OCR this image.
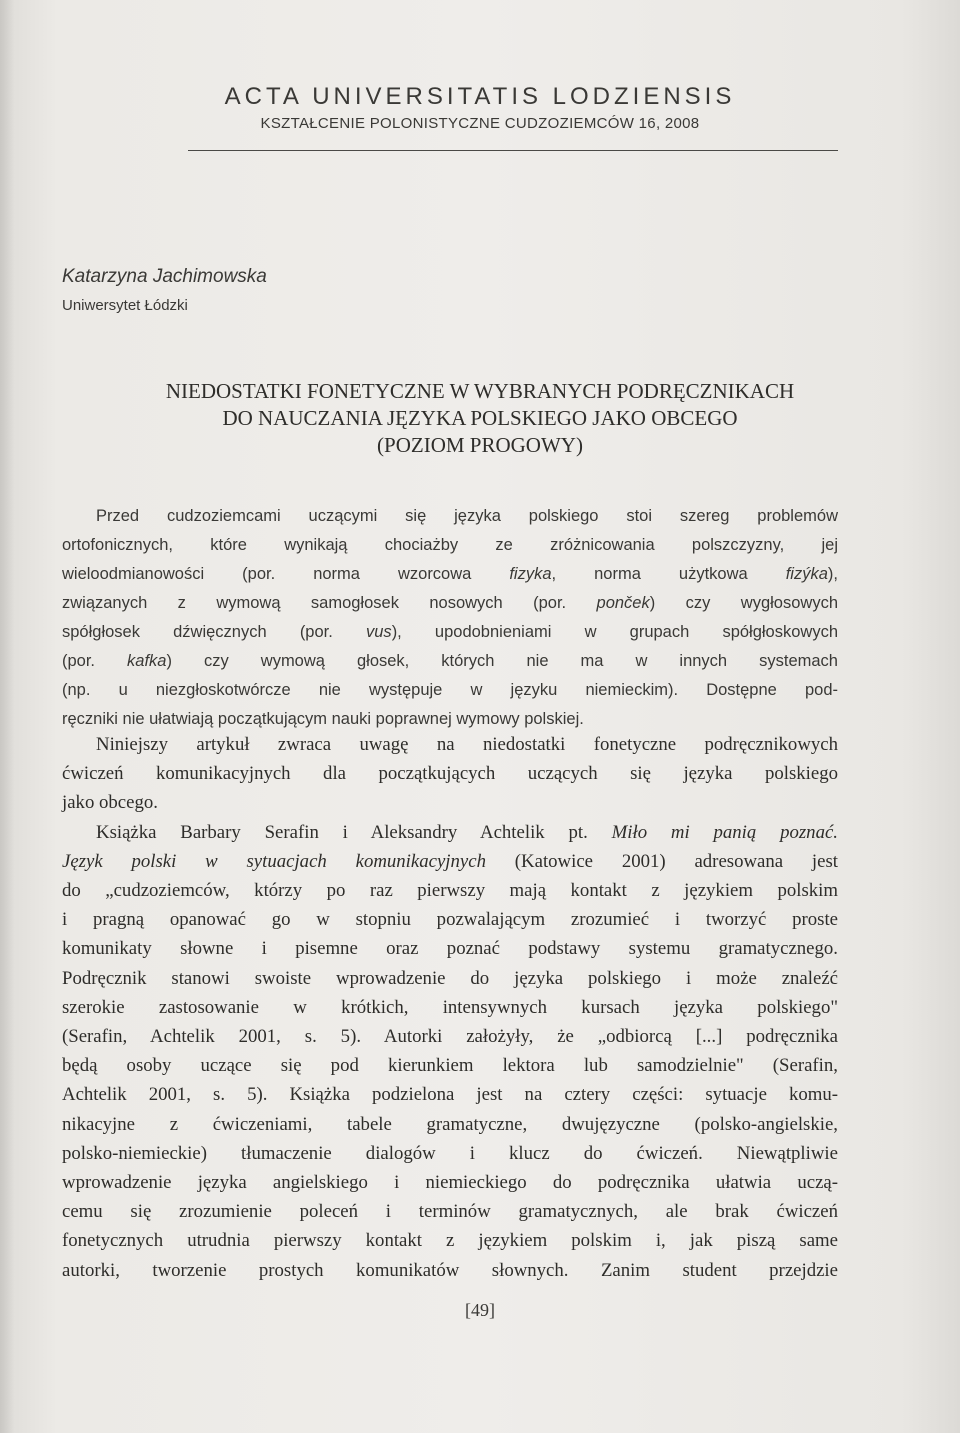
ACTA UNIVERSITATIS LODZIENSIS

KSZTAŁCENIE POLONISTYCZNE CUDZOZIEMCÓW 16, 2008

Katarzyna Jachimowska
Uniwersytet Łódzki
NIEDOSTATKI FONETYCZNE W WYBRANYCH PODRĘCZNIKACH
DO NAUCZANIA JĘZYKA POLSKIEGO JAKO OBCEGO
(POZIOM PROGOWY)
Przed cudzoziemcami uczącymi się języka polskiego stoi szereg problemów
ortofonicznych, które wynikają chociażby ze zróżnicowania polszczyzny, jej
wieloodmianowości (por. norma wzorcowa fizyka, norma użytkowa fizýka),
związanych z wymową samogłosek nosowych (por. ponček) czy wygłosowych
spółgłosek dźwięcznych (por. vus), upodobnieniami w grupach spółgłoskowych
(por. kafka) czy wymową głosek, których nie ma w innych systemach
(np. u niezgłoskotwórcze nie występuje w języku niemieckim). Dostępne pod-
ręczniki nie ułatwiają początkującym nauki poprawnej wymowy polskiej.
Niniejszy artykuł zwraca uwagę na niedostatki fonetyczne podręcznikowych
ćwiczeń komunikacyjnych dla początkujących uczących się języka polskiego
jako obcego.
Książka Barbary Serafin i Aleksandry Achtelik pt. Miło mi panią poznać.
Język polski w sytuacjach komunikacyjnych (Katowice 2001) adresowana jest
do „cudzoziemców, którzy po raz pierwszy mają kontakt z językiem polskim
i pragną opanować go w stopniu pozwalającym zrozumieć i tworzyć proste
komunikaty słowne i pisemne oraz poznać podstawy systemu gramatycznego.
Podręcznik stanowi swoiste wprowadzenie do języka polskiego i może znaleźć
szerokie zastosowanie w krótkich, intensywnych kursach języka polskiego"
(Serafin, Achtelik 2001, s. 5). Autorki założyły, że „odbiorcą [...] podręcznika
będą osoby uczące się pod kierunkiem lektora lub samodzielnie" (Serafin,
Achtelik 2001, s. 5). Książka podzielona jest na cztery części: sytuacje komu-
nikacyjne z ćwiczeniami, tabele gramatyczne, dwujęzyczne (polsko-angielskie,
polsko-niemieckie) tłumaczenie dialogów i klucz do ćwiczeń. Niewątpliwie
wprowadzenie języka angielskiego i niemieckiego do podręcznika ułatwia uczą-
cemu się zrozumienie poleceń i terminów gramatycznych, ale brak ćwiczeń
fonetycznych utrudnia pierwszy kontakt z językiem polskim i, jak piszą same
autorki, tworzenie prostych komunikatów słownych. Zanim student przejdzie
[49]
